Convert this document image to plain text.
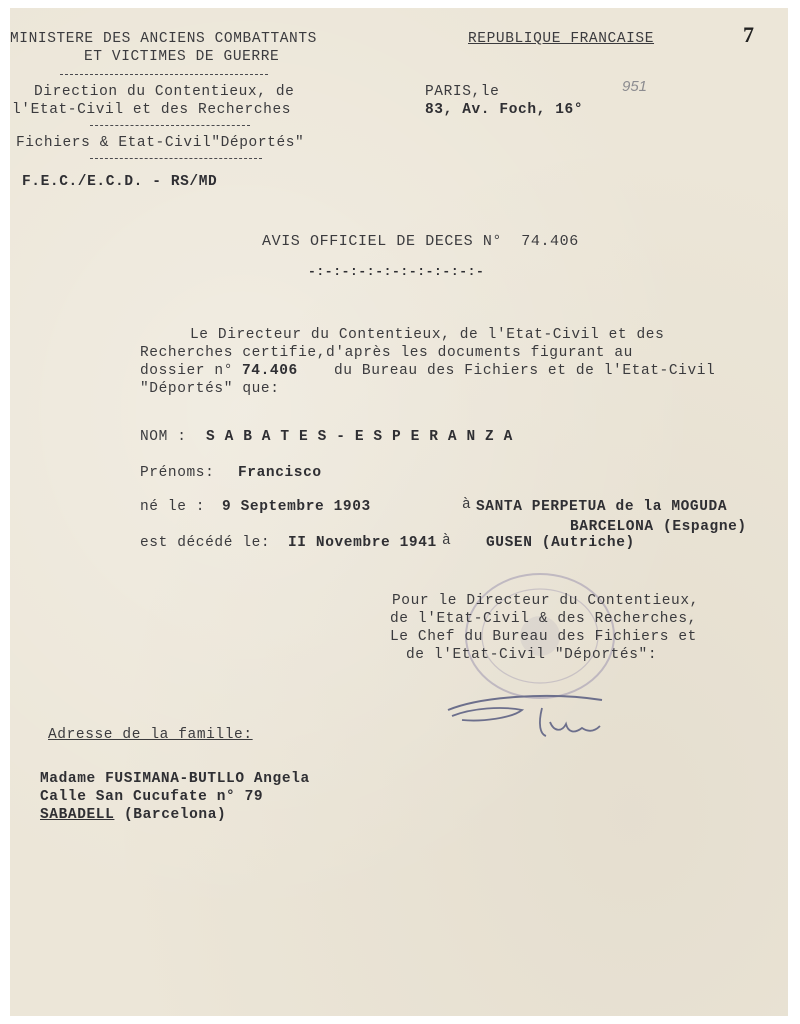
7
MINISTERE DES ANCIENS COMBATTANTS
ET VICTIMES DE GUERRE
Direction du Contentieux, de
l'Etat-Civil et des Recherches
Fichiers & Etat-Civil"Déportés"
F.E.C./E.C.D. - RS/MD
REPUBLIQUE FRANCAISE
PARIS,le	951
83, Av. Foch, 16°
AVIS OFFICIEL DE DECES N°  74.406
-:-:-:-:-:-:-:-:-:-:-
Le Directeur du Contentieux, de l'Etat-Civil et des
Recherches certifie,d'après les documents figurant au
dossier n° 74.406 du Bureau des Fichiers et de l'Etat-Civil
"Déportés" que:
NOM : S A B A T E S - E S P E R A N Z A
Prénoms: Francisco
né le : 9 Septembre 1903	à SANTA PERPETUA de la MOGUDA
BARCELONA (Espagne)
est décédé le: II Novembre 1941 à GUSEN (Autriche)
Pour le Directeur du Contentieux,
de l'Etat-Civil & des Recherches,
Le Chef du Bureau des Fichiers et
de l'Etat-Civil "Déportés":
Adresse de la famille:
Madame FUSIMANA-BUTLLO Angela
Calle San Cucufate n° 79
SABADELL (Barcelona)
